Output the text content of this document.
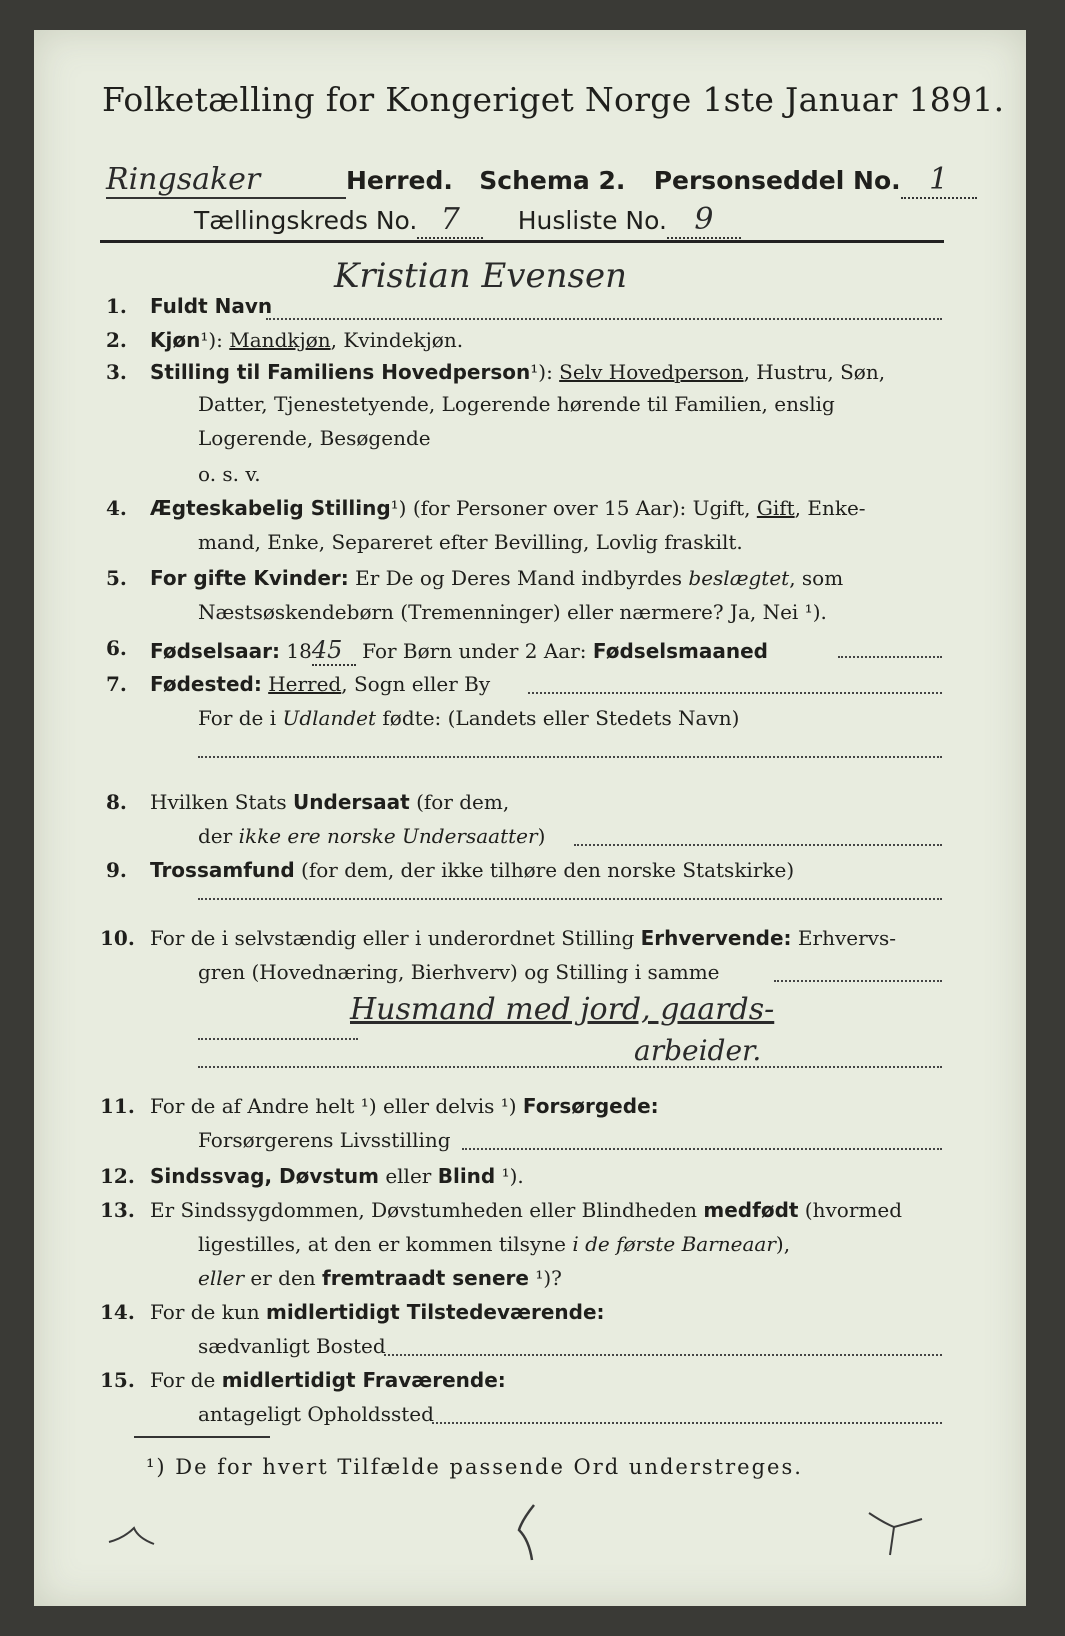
Folketælling for Kongeriget Norge 1ste Januar 1891.
Ringsaker	Herred. Schema 2. Personseddel No. 1
Tællingskreds No. 7 Husliste No. 9
1. Fuldt Navn
Kristian Evensen
2. Kjøn¹): Mandkjøn, Kvindekjøn.
3. Stilling til Familiens Hovedperson¹): Selv Hovedperson, Hustru, Søn,
Datter, Tjenestetyende, Logerende hørende til Familien, enslig
Logerende, Besøgende
o. s. v.
4. Ægteskabelig Stilling¹) (for Personer over 15 Aar): Ugift, Gift, Enke-
mand, Enke, Separeret efter Bevilling, Lovlig fraskilt.
5. For gifte Kvinder: Er De og Deres Mand indbyrdes beslægtet, som
Næstsøskendebørn (Tremenninger) eller nærmere? Ja, Nei ¹).
6. Fødselsaar: 1845 For Børn under 2 Aar: Fødselsmaaned
7. Fødested: Herred, Sogn eller By
For de i Udlandet fødte: (Landets eller Stedets Navn)
8. Hvilken Stats Undersaat (for dem,
der ikke ere norske Undersaatter)
9. Trossamfund (for dem, der ikke tilhøre den norske Statskirke)
10. For de i selvstændig eller i underordnet Stilling Erhvervende: Erhvervs-
gren (Hovednæring, Bierhverv) og Stilling i samme
Husmand med jord, gaards-
arbeider.
11. For de af Andre helt ¹) eller delvis ¹) Forsørgede:
Forsørgerens Livsstilling
12. Sindssvag, Døvstum eller Blind ¹).
13. Er Sindssygdommen, Døvstumheden eller Blindheden medfødt (hvormed
ligestilles, at den er kommen tilsyne i de første Barneaar),
eller er den fremtraadt senere ¹)?
14. For de kun midlertidigt Tilstedeværende:
sædvanligt Bosted
15. For de midlertidigt Fraværende:
antageligt Opholdssted
¹) De for hvert Tilfælde passende Ord understreges.
